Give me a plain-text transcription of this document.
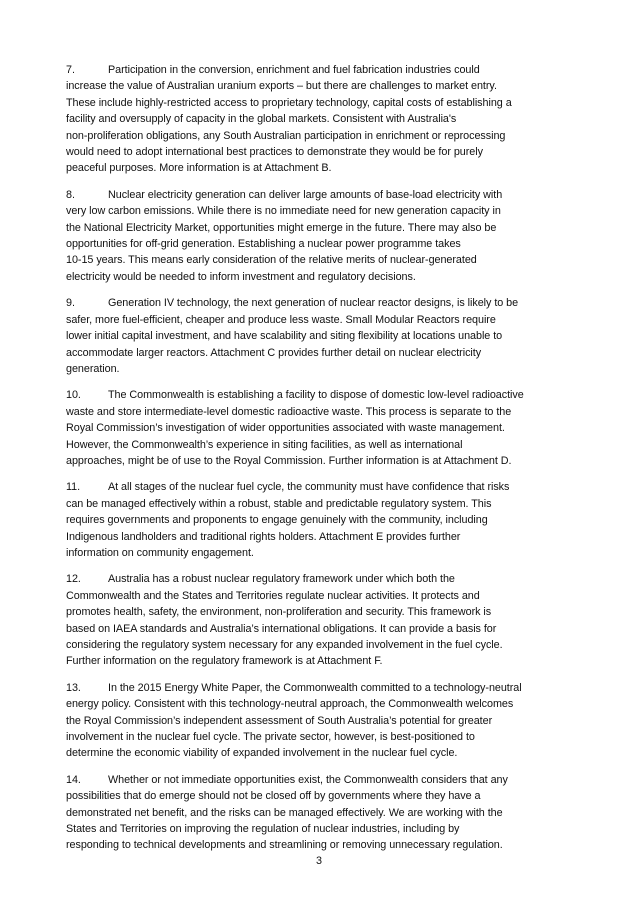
7.	Participation in the conversion, enrichment and fuel fabrication industries could
increase the value of Australian uranium exports – but there are challenges to market entry.
These include highly-restricted access to proprietary technology, capital costs of establishing a
facility and oversupply of capacity in the global markets. Consistent with Australia's
non-proliferation obligations, any South Australian participation in enrichment or reprocessing
would need to adopt international best practices to demonstrate they would be for purely
peaceful purposes. More information is at Attachment B.

8.	Nuclear electricity generation can deliver large amounts of base-load electricity with
very low carbon emissions. While there is no immediate need for new generation capacity in
the National Electricity Market, opportunities might emerge in the future. There may also be
opportunities for off-grid generation. Establishing a nuclear power programme takes
10-15 years. This means early consideration of the relative merits of nuclear-generated
electricity would be needed to inform investment and regulatory decisions.

9.	Generation IV technology, the next generation of nuclear reactor designs, is likely to be
safer, more fuel-efficient, cheaper and produce less waste. Small Modular Reactors require
lower initial capital investment, and have scalability and siting flexibility at locations unable to
accommodate larger reactors. Attachment C provides further detail on nuclear electricity
generation.

10.	The Commonwealth is establishing a facility to dispose of domestic low-level radioactive
waste and store intermediate-level domestic radioactive waste. This process is separate to the
Royal Commission’s investigation of wider opportunities associated with waste management.
However, the Commonwealth’s experience in siting facilities, as well as international
approaches, might be of use to the Royal Commission. Further information is at Attachment D.

11.	At all stages of the nuclear fuel cycle, the community must have confidence that risks
can be managed effectively within a robust, stable and predictable regulatory system. This
requires governments and proponents to engage genuinely with the community, including
Indigenous landholders and traditional rights holders. Attachment E provides further
information on community engagement.

12.	Australia has a robust nuclear regulatory framework under which both the
Commonwealth and the States and Territories regulate nuclear activities. It protects and
promotes health, safety, the environment, non-proliferation and security. This framework is
based on IAEA standards and Australia’s international obligations. It can provide a basis for
considering the regulatory system necessary for any expanded involvement in the fuel cycle.
Further information on the regulatory framework is at Attachment F.

13.	In the 2015 Energy White Paper, the Commonwealth committed to a technology-neutral
energy policy. Consistent with this technology-neutral approach, the Commonwealth welcomes
the Royal Commission’s independent assessment of South Australia’s potential for greater
involvement in the nuclear fuel cycle. The private sector, however, is best-positioned to
determine the economic viability of expanded involvement in the nuclear fuel cycle.

14.	Whether or not immediate opportunities exist, the Commonwealth considers that any
possibilities that do emerge should not be closed off by governments where they have a
demonstrated net benefit, and the risks can be managed effectively. We are working with the
States and Territories on improving the regulation of nuclear industries, including by
responding to technical developments and streamlining or removing unnecessary regulation.

3
